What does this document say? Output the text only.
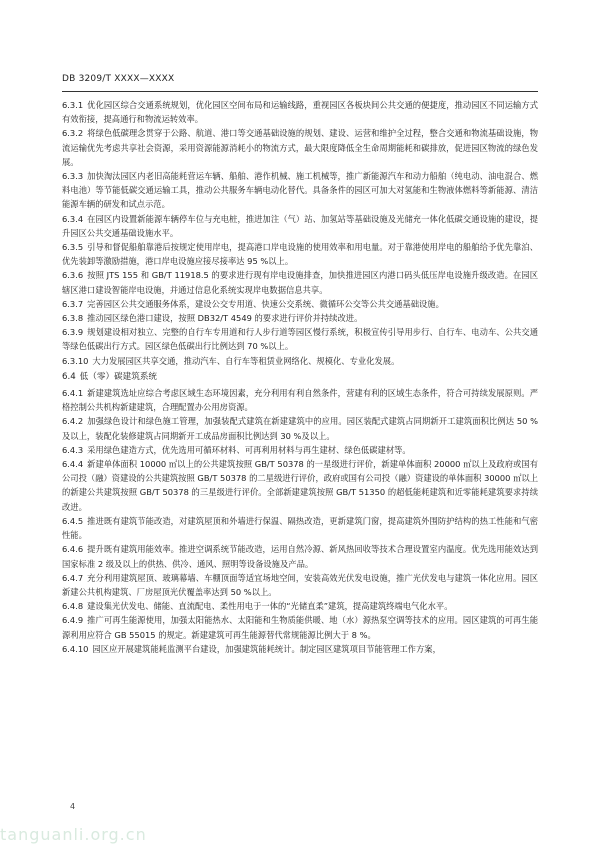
DB 3209/T XXXX—XXXX

6.3.1 优化园区综合交通系统规划，优化园区空间布局和运输线路，重视园区各板块间公共交通的便捷度，推动园区不同运输方式有效衔接，提高通行和物流运转效率。

6.3.2 将绿色低碳理念贯穿于公路、航道、港口等交通基础设施的规划、建设、运营和维护全过程，整合交通和物流基础设施，物流运输优先考虑共享社会资源，采用资源能源消耗小的物流方式，最大限度降低全生命周期能耗和碳排放，促进园区物流的绿色发展。

6.3.3 加快淘汰园区内老旧高能耗营运车辆、船舶、港作机械、施工机械等，推广新能源汽车和动力船舶（纯电动、油电混合、燃料电池）等节能低碳交通运输工具，推动公共服务车辆电动化替代。具备条件的园区可加大对氢能和生物液体燃料等新能源、清洁能源车辆的研发和试点示范。

6.3.4 在园区内设置新能源车辆停车位与充电桩，推进加注（气）站、加氢站等基础设施及光储充一体化低碳交通设施的建设，提升园区公共交通基础设施水平。

6.3.5 引导和督促船舶靠港后按规定使用岸电，提高港口岸电设施的使用效率和用电量。对于靠港使用岸电的船舶给予优先靠泊、优先装卸等激励措施，港口岸电设施应接尽接率达 95 %以上。

6.3.6 按照 JTS 155 和 GB/T 11918.5 的要求进行现有岸电设施排查，加快推进园区内港口码头低压岸电设施升级改造。在园区辖区港口建设智能岸电设施，并通过信息化系统实现岸电数据信息共享。

6.3.7 完善园区公共交通服务体系，建设公交专用道、快速公交系统、微循环公交等公共交通基础设施。

6.3.8 推动园区绿色港口建设，按照 DB32/T 4549 的要求进行评价并持续改进。

6.3.9 规划建设相对独立、完整的自行车专用道和行人步行道等园区慢行系统，积极宣传引导用步行、自行车、电动车、公共交通等绿色低碳出行方式。园区绿色低碳出行比例达到 70 %以上。

6.3.10 大力发展园区共享交通，推动汽车、自行车等租赁业网络化、规模化、专业化发展。

6.4 低（零）碳建筑系统

6.4.1 新建建筑选址应综合考虑区域生态环境因素，充分利用有利自然条件，营建有利的区域生态条件，符合可持续发展原则。严格控制公共机构新建建筑，合理配置办公用房资源。

6.4.2 加强绿色设计和绿色施工管理，加强装配式建筑在新建建筑中的应用。园区装配式建筑占同期新开工建筑面积比例达 50 %及以上，装配化装修建筑占同期新开工成品房面积比例达到 30 %及以上。

6.4.3 采用绿色建造方式，优先选用可循环材料、可再利用材料与再生建材、绿色低碳建材等。

6.4.4 新建单体面积 10000 ㎡以上的公共建筑按照 GB/T 50378 的一星级进行评价，新建单体面积 20000 ㎡以上及政府或国有公司投（融）资建设的公共建筑按照 GB/T 50378 的二星级进行评价，政府或国有公司投（融）资建设的单体面积 30000 ㎡以上的新建公共建筑按照 GB/T 50378 的三星级进行评价。全部新建建筑按照 GB/T 51350 的超低能耗建筑和近零能耗建筑要求持续改进。

6.4.5 推进既有建筑节能改造，对建筑屋顶和外墙进行保温、隔热改造，更新建筑门窗，提高建筑外围防护结构的热工性能和气密性能。

6.4.6 提升既有建筑用能效率。推进空调系统节能改造，运用自然冷源、新风热回收等技术合理设置室内温度。优先选用能效达到国家标准 2 级及以上的供热、供冷、通风、照明等设备设施及产品。

6.4.7 充分利用建筑屋顶、玻璃幕墙、车棚顶面等适宜场地空间，安装高效光伏发电设施，推广光伏发电与建筑一体化应用。园区新建公共机构建筑、厂房屋顶光伏覆盖率达到 50 %以上。

6.4.8 建设集光伏发电、储能、直流配电、柔性用电于一体的“光储直柔”建筑，提高建筑终端电气化水平。

6.4.9 推广可再生能源使用，加强太阳能热水、太阳能和生物质能供暖、地（水）源热泵空调等技术的应用。园区建筑的可再生能源利用应符合 GB 55015 的规定。新建建筑可再生能源替代常规能源比例大于 8 %。

6.4.10 园区应开展建筑能耗监测平台建设，加强建筑能耗统计。制定园区建筑项目节能管理工作方案，

4
tanguanli.org.cn
